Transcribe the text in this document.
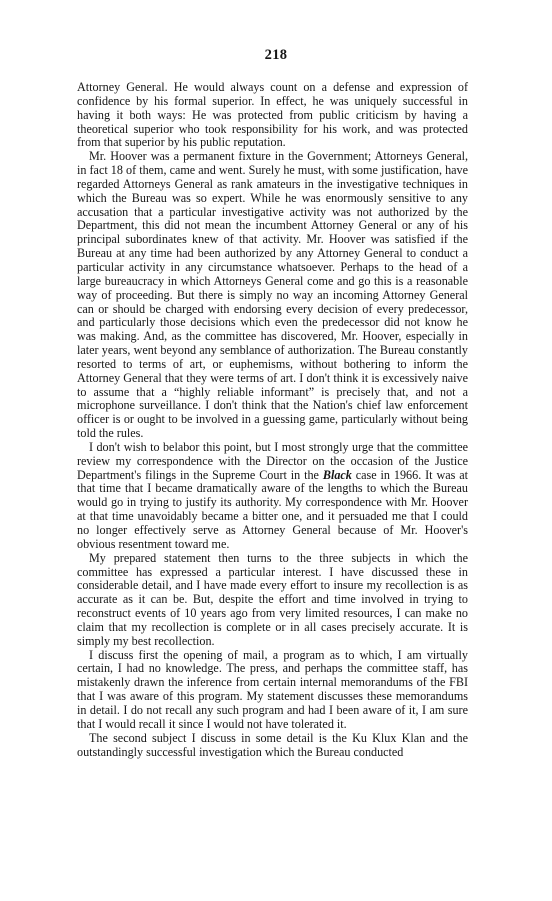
218

Attorney General. He would always count on a defense and expression of confidence by his formal superior. In effect, he was uniquely successful in having it both ways: He was protected from public criticism by having a theoretical superior who took responsibility for his work, and was protected from that superior by his public reputation.

Mr. Hoover was a permanent fixture in the Government; Attorneys General, in fact 18 of them, came and went. Surely he must, with some justification, have regarded Attorneys General as rank amateurs in the investigative techniques in which the Bureau was so expert. While he was enormously sensitive to any accusation that a particular investigative activity was not authorized by the Department, this did not mean the incumbent Attorney General or any of his principal subordinates knew of that activity. Mr. Hoover was satisfied if the Bureau at any time had been authorized by any Attorney General to conduct a particular activity in any circumstance whatsoever. Perhaps to the head of a large bureaucracy in which Attorneys General come and go this is a reasonable way of proceeding. But there is simply no way an incoming Attorney General can or should be charged with endorsing every decision of every predecessor, and particularly those decisions which even the predecessor did not know he was making. And, as the committee has discovered, Mr. Hoover, especially in later years, went beyond any semblance of authorization. The Bureau constantly resorted to terms of art, or euphemisms, without bothering to inform the Attorney General that they were terms of art. I don't think it is excessively naive to assume that a “highly reliable informant” is precisely that, and not a microphone surveillance. I don't think that the Nation's chief law enforcement officer is or ought to be involved in a guessing game, particularly without being told the rules.

I don't wish to belabor this point, but I most strongly urge that the committee review my correspondence with the Director on the occasion of the Justice Department's filings in the Supreme Court in the Black case in 1966. It was at that time that I became dramatically aware of the lengths to which the Bureau would go in trying to justify its authority. My correspondence with Mr. Hoover at that time unavoidably became a bitter one, and it persuaded me that I could no longer effectively serve as Attorney General because of Mr. Hoover's obvious resentment toward me.

My prepared statement then turns to the three subjects in which the committee has expressed a particular interest. I have discussed these in considerable detail, and I have made every effort to insure my recollection is as accurate as it can be. But, despite the effort and time involved in trying to reconstruct events of 10 years ago from very limited resources, I can make no claim that my recollection is complete or in all cases precisely accurate. It is simply my best recollection.

I discuss first the opening of mail, a program as to which, I am virtually certain, I had no knowledge. The press, and perhaps the committee staff, has mistakenly drawn the inference from certain internal memorandums of the FBI that I was aware of this program. My statement discusses these memorandums in detail. I do not recall any such program and had I been aware of it, I am sure that I would recall it since I would not have tolerated it.

The second subject I discuss in some detail is the Ku Klux Klan and the outstandingly successful investigation which the Bureau conducted
